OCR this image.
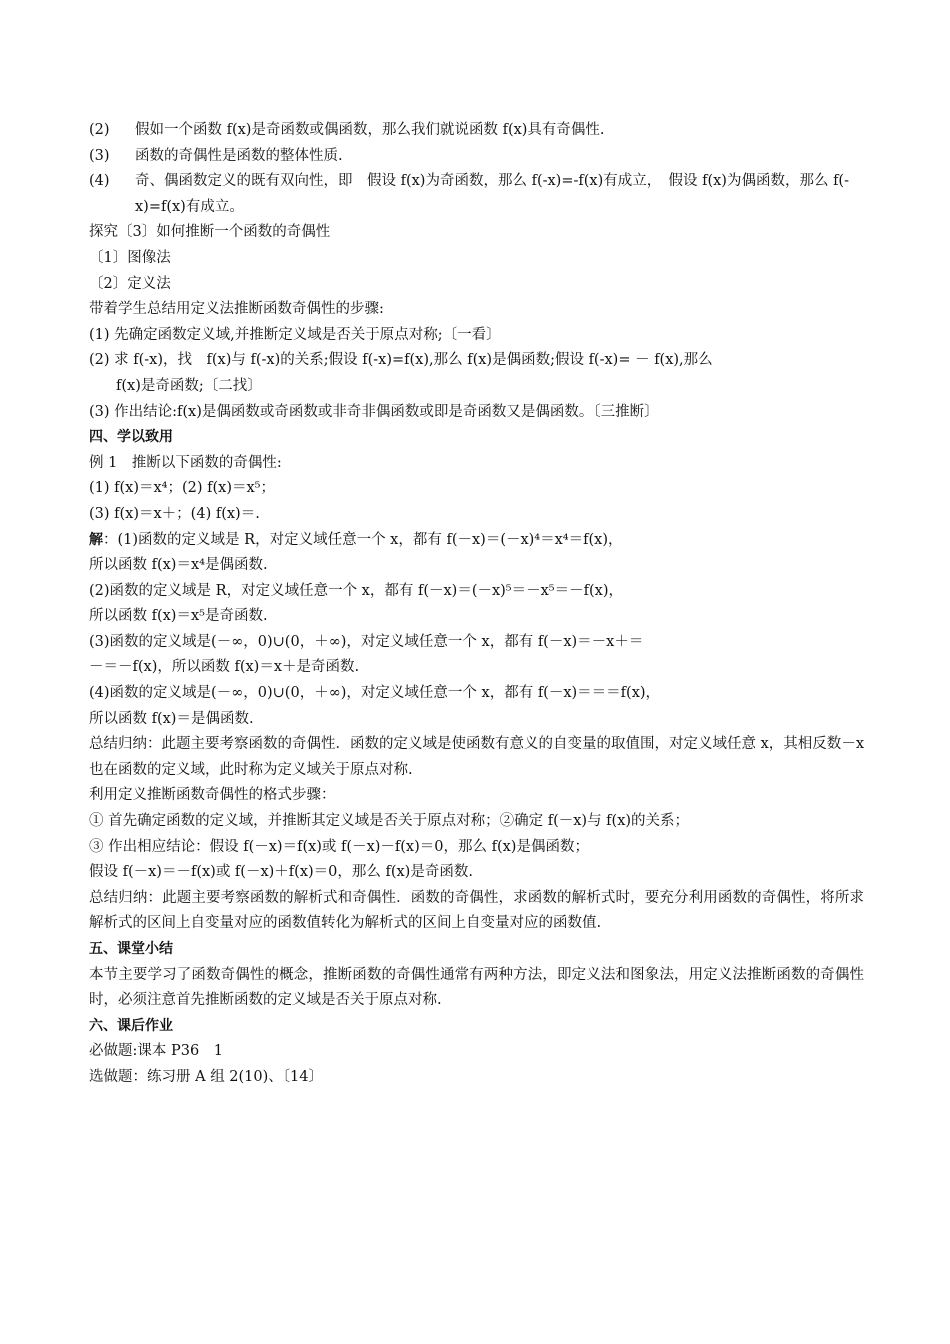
(2)	假如一个函数 f(x)是奇函数或偶函数，那么我们就说函数 f(x)具有奇偶性.
(3)	函数的奇偶性是函数的整体性质.
(4)	奇、偶函数定义的既有双向性，即　假设 f(x)为奇函数，那么 f(-x)=-f(x)有成立，　假设 f(x)为偶函数，那么 f(-x)=f(x)有成立。
探究〔3〕如何推断一个函数的奇偶性
〔1〕图像法
〔2〕定义法
带着学生总结用定义法推断函数奇偶性的步骤:
(1) 先确定函数定义域,并推断定义域是否关于原点对称;〔一看〕
(2) 求 f(-x)，找　f(x)与 f(-x)的关系;假设 f(-x)=f(x),那么 f(x)是偶函数;假设 f(-x)= － f(x),那么
f(x)是奇函数;〔二找〕
(3) 作出结论:f(x)是偶函数或奇函数或非奇非偶函数或即是奇函数又是偶函数。〔三推断〕
四、学以致用
例 1　推断以下函数的奇偶性:
(1) f(x)＝x⁴；(2) f(x)＝x⁵；
(3) f(x)＝x＋；(4) f(x)＝.
解：(1)函数的定义域是 R，对定义域任意一个 x，都有 f(－x)＝(－x)⁴＝x⁴＝f(x)，
所以函数 f(x)＝x⁴是偶函数.
(2)函数的定义域是 R，对定义域任意一个 x，都有 f(－x)＝(－x)⁵＝－x⁵＝－f(x)，
所以函数 f(x)＝x⁵是奇函数.
(3)函数的定义域是(－∞，0)∪(0，＋∞)，对定义域任意一个 x，都有 f(－x)＝－x＋＝
－＝－f(x)，所以函数 f(x)＝x＋是奇函数.
(4)函数的定义域是(－∞，0)∪(0，＋∞)，对定义域任意一个 x，都有 f(－x)＝＝＝f(x)，
所以函数 f(x)＝是偶函数.
总结归纳：此题主要考察函数的奇偶性．函数的定义域是使函数有意义的自变量的取值围，对定义域任意 x，其相反数－x 也在函数的定义域，此时称为定义域关于原点对称.
利用定义推断函数奇偶性的格式步骤：
① 首先确定函数的定义域，并推断其定义域是否关于原点对称；②确定 f(－x)与 f(x)的关系；
③ 作出相应结论：假设 f(－x)＝f(x)或 f(－x)－f(x)＝0，那么 f(x)是偶函数；
假设 f(－x)＝－f(x)或 f(－x)＋f(x)＝0，那么 f(x)是奇函数.
总结归纳：此题主要考察函数的解析式和奇偶性．函数的奇偶性，求函数的解析式时，要充分利用函数的奇偶性，将所求解析式的区间上自变量对应的函数值转化为解析式的区间上自变量对应的函数值.
五、课堂小结
本节主要学习了函数奇偶性的概念，推断函数的奇偶性通常有两种方法，即定义法和图象法，用定义法推断函数的奇偶性时，必须注意首先推断函数的定义域是否关于原点对称.
六、课后作业
必做题:课本 P36　1
选做题：练习册 A 组 2(10)、〔14〕
